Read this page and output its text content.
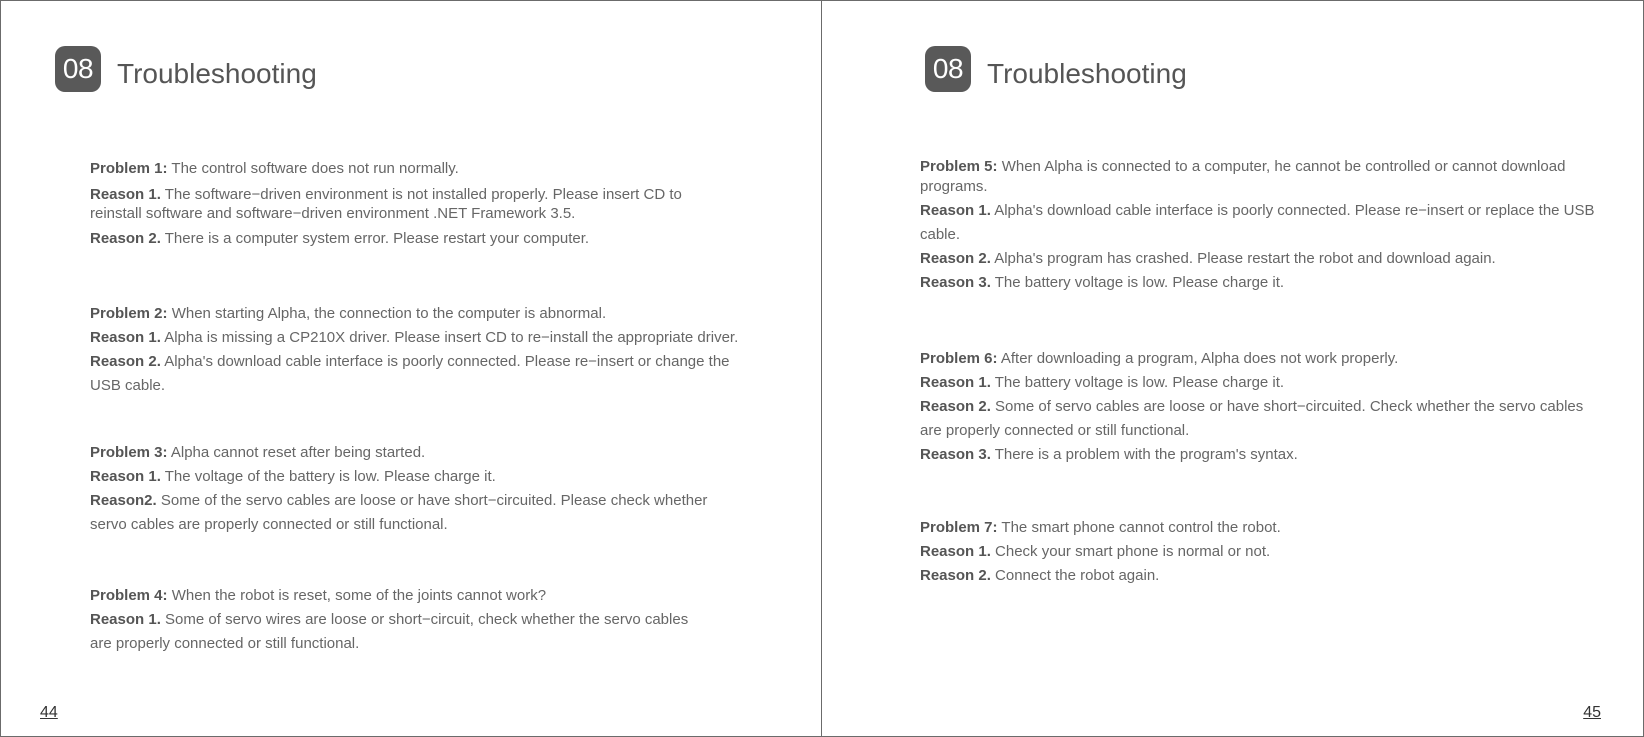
08 Troubleshooting

Problem 1: The control software does not run normally.

Reason 1. The software−driven environment is not installed properly. Please insert CD to reinstall software and software−driven environment .NET Framework 3.5.

Reason 2. There is a computer system error. Please restart your computer.

Problem 2: When starting Alpha, the connection to the computer is abnormal.

Reason 1. Alpha is missing a CP210X driver. Please insert CD to re−install the appropriate driver.

Reason 2. Alpha's download cable interface is poorly connected. Please re−insert or change the USB cable.

Problem 3: Alpha cannot reset after being started.

Reason 1. The voltage of the battery is low. Please charge it.

Reason2. Some of the servo cables are loose or have short−circuited. Please check whether servo cables are properly connected or still functional.

Problem 4: When the robot is reset, some of the joints cannot work?

Reason 1. Some of servo wires are loose or short−circuit, check whether the servo cables are properly connected or still functional.

44
08 Troubleshooting

Problem 5: When Alpha is connected to a computer, he cannot be controlled or cannot download programs.

Reason 1. Alpha's download cable interface is poorly connected. Please re−insert or replace the USB cable.

Reason 2. Alpha's program has crashed. Please restart the robot and download again.

Reason 3. The battery voltage is low. Please charge it.

Problem 6: After downloading a program, Alpha does not work properly.

Reason 1. The battery voltage is low. Please charge it.

Reason 2. Some of servo cables are loose or have short−circuited. Check whether the servo cables are properly connected or still functional.

Reason 3. There is a problem with the program's syntax.

Problem 7: The smart phone cannot control the robot.

Reason 1. Check your smart phone is normal or not.

Reason 2. Connect the robot again.

45
